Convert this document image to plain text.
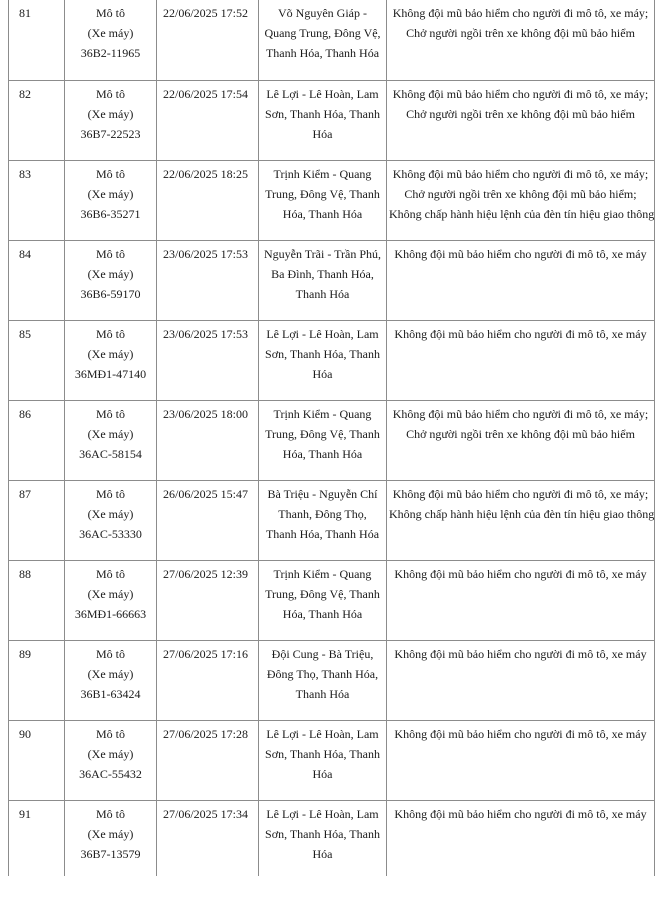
81	Mô tô
(Xe máy)
36B2-11965	22/06/2025 17:52	Võ Nguyên Giáp -
Quang Trung, Đông Vệ,
Thanh Hóa, Thanh Hóa	Không đội mũ bảo hiểm cho người đi mô tô, xe máy;
Chở người ngồi trên xe không đội mũ bảo hiểm

82	Mô tô
(Xe máy)
36B7-22523	22/06/2025 17:54	Lê Lợi - Lê Hoàn, Lam
Sơn, Thanh Hóa, Thanh
Hóa	Không đội mũ bảo hiểm cho người đi mô tô, xe máy;
Chở người ngồi trên xe không đội mũ bảo hiểm

83	Mô tô
(Xe máy)
36B6-35271	22/06/2025 18:25	Trịnh Kiểm - Quang
Trung, Đông Vệ, Thanh
Hóa, Thanh Hóa	Không đội mũ bảo hiểm cho người đi mô tô, xe máy;
Chở người ngồi trên xe không đội mũ bảo hiểm;
Không chấp hành hiệu lệnh của đèn tín hiệu giao thông

84	Mô tô
(Xe máy)
36B6-59170	23/06/2025 17:53	Nguyễn Trãi - Trần Phú,
Ba Đình, Thanh Hóa,
Thanh Hóa	Không đội mũ bảo hiểm cho người đi mô tô, xe máy

85	Mô tô
(Xe máy)
36MĐ1-47140	23/06/2025 17:53	Lê Lợi - Lê Hoàn, Lam
Sơn, Thanh Hóa, Thanh
Hóa	Không đội mũ bảo hiểm cho người đi mô tô, xe máy

86	Mô tô
(Xe máy)
36AC-58154	23/06/2025 18:00	Trịnh Kiểm - Quang
Trung, Đông Vệ, Thanh
Hóa, Thanh Hóa	Không đội mũ bảo hiểm cho người đi mô tô, xe máy;
Chở người ngồi trên xe không đội mũ bảo hiểm

87	Mô tô
(Xe máy)
36AC-53330	26/06/2025 15:47	Bà Triệu - Nguyễn Chí
Thanh, Đông Thọ,
Thanh Hóa, Thanh Hóa	Không đội mũ bảo hiểm cho người đi mô tô, xe máy;
Không chấp hành hiệu lệnh của đèn tín hiệu giao thông

88	Mô tô
(Xe máy)
36MĐ1-66663	27/06/2025 12:39	Trịnh Kiểm - Quang
Trung, Đông Vệ, Thanh
Hóa, Thanh Hóa	Không đội mũ bảo hiểm cho người đi mô tô, xe máy

89	Mô tô
(Xe máy)
36B1-63424	27/06/2025 17:16	Đội Cung - Bà Triệu,
Đông Thọ, Thanh Hóa,
Thanh Hóa	Không đội mũ bảo hiểm cho người đi mô tô, xe máy

90	Mô tô
(Xe máy)
36AC-55432	27/06/2025 17:28	Lê Lợi - Lê Hoàn, Lam
Sơn, Thanh Hóa, Thanh
Hóa	Không đội mũ bảo hiểm cho người đi mô tô, xe máy

91	Mô tô
(Xe máy)
36B7-13579	27/06/2025 17:34	Lê Lợi - Lê Hoàn, Lam
Sơn, Thanh Hóa, Thanh
Hóa	Không đội mũ bảo hiểm cho người đi mô tô, xe máy
